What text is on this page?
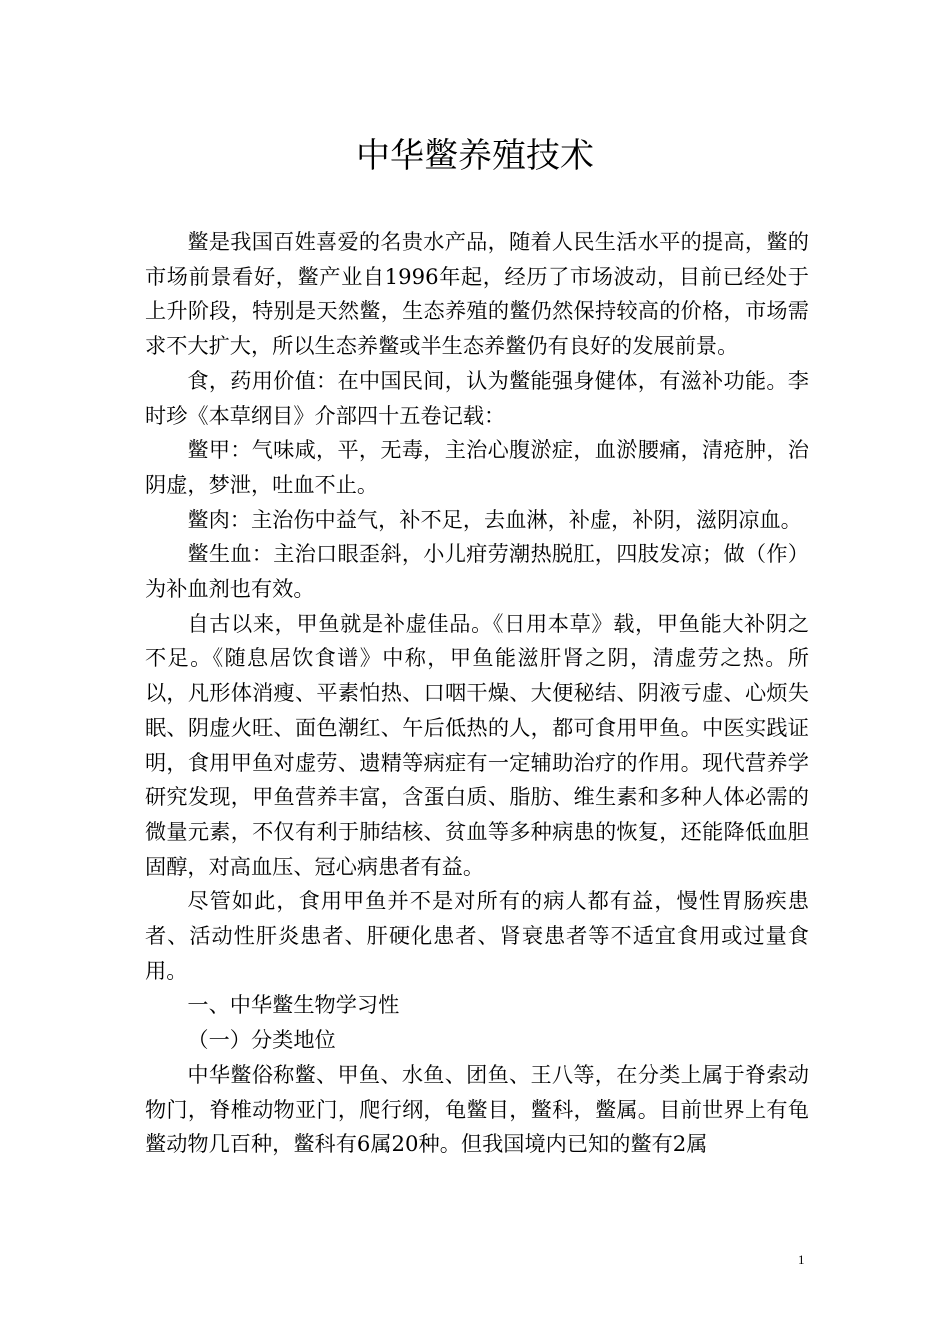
中华鳖养殖技术

鳖是我国百姓喜爱的名贵水产品，随着人民生活水平的提高，鳖的市场前景看好，鳖产业自1996年起，经历了市场波动，目前已经处于上升阶段，特别是天然鳖，生态养殖的鳖仍然保持较高的价格，市场需求不大扩大，所以生态养鳖或半生态养鳖仍有良好的发展前景。

食，药用价值：在中国民间，认为鳖能强身健体，有滋补功能。李时珍《本草纲目》介部四十五卷记载：

鳖甲：气味咸，平，无毒，主治心腹淤症，血淤腰痛，清疮肿，治阴虚，梦泄，吐血不止。

鳖肉：主治伤中益气，补不足，去血淋，补虚，补阴，滋阴凉血。

鳖生血：主治口眼歪斜，小儿疳劳潮热脱肛，四肢发凉；做（作）为补血剂也有效。

自古以来，甲鱼就是补虚佳品。《日用本草》载，甲鱼能大补阴之不足。《随息居饮食谱》中称，甲鱼能滋肝肾之阴，清虚劳之热。所以，凡形体消瘦、平素怕热、口咽干燥、大便秘结、阴液亏虚、心烦失眠、阴虚火旺、面色潮红、午后低热的人，都可食用甲鱼。中医实践证明，食用甲鱼对虚劳、遗精等病症有一定辅助治疗的作用。现代营养学研究发现，甲鱼营养丰富，含蛋白质、脂肪、维生素和多种人体必需的微量元素，不仅有利于肺结核、贫血等多种病患的恢复，还能降低血胆固醇，对高血压、冠心病患者有益。

尽管如此，食用甲鱼并不是对所有的病人都有益，慢性胃肠疾患者、活动性肝炎患者、肝硬化患者、肾衰患者等不适宜食用或过量食用。

一、中华鳖生物学习性

（一）分类地位

中华鳖俗称鳖、甲鱼、水鱼、团鱼、王八等，在分类上属于脊索动物门，脊椎动物亚门，爬行纲，龟鳖目，鳖科，鳖属。目前世界上有龟鳖动物几百种，鳖科有6属20种。但我国境内已知的鳖有2属

1
